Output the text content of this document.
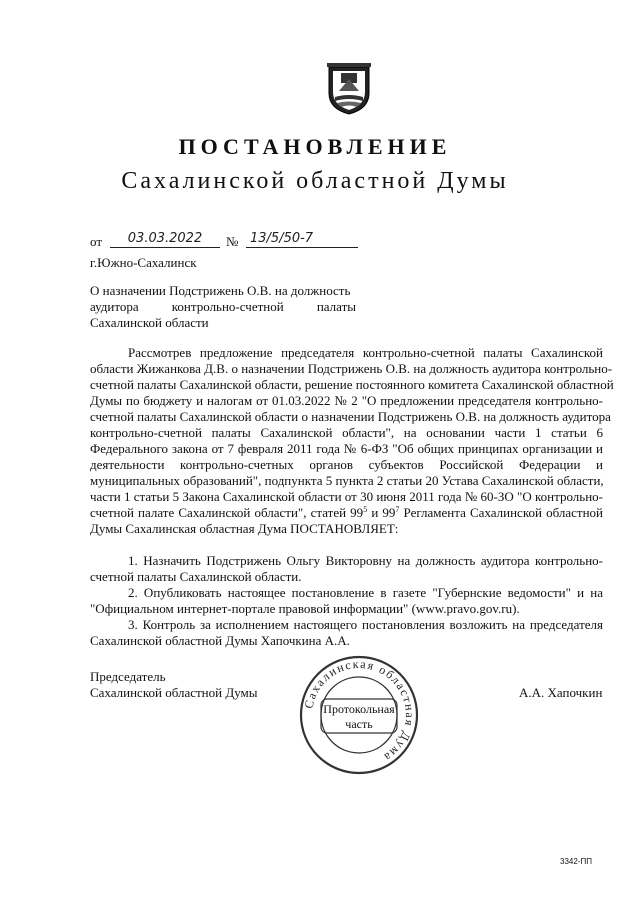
ПОСТАНОВЛЕНИЕ
Сахалинской областной Думы
от	03.03.2022	№ 13/5/50-7
г.Южно-Сахалинск
О назначении Подстрижень О.В. на должность
аудитора	контрольно-счетной	палаты
Сахалинской области
Рассмотрев предложение председателя контрольно-счетной палаты Сахалинской
области Жижанкова Д.В. о назначении Подстрижень О.В. на должность аудитора контрольно-
счетной палаты Сахалинской области, решение постоянного комитета Сахалинской областной
Думы по бюджету и налогам от 01.03.2022 № 2 "О предложении председателя контрольно-
счетной палаты Сахалинской области о назначении Подстрижень О.В. на должность аудитора
контрольно-счетной палаты Сахалинской области", на основании части 1 статьи 6
Федерального закона от 7 февраля 2011 года № 6-ФЗ "Об общих принципах организации и
деятельности контрольно-счетных органов субъектов Российской Федерации и
муниципальных образований", подпункта 5 пункта 2 статьи 20 Устава Сахалинской области,
части 1 статьи 5 Закона Сахалинской области от 30 июня 2011 года № 60-ЗО "О контрольно-
счетной палате Сахалинской области", статей $99^5$ и $99^7$ Регламента Сахалинской областной
Думы Сахалинская областная Дума ПОСТАНОВЛЯЕТ:
1. Назначить Подстрижень Ольгу Викторовну на должность аудитора контрольно-
счетной палаты Сахалинской области.
2. Опубликовать настоящее постановление в газете "Губернские ведомости" и на
"Официальном интернет-портале правовой информации" (www.pravo.gov.ru).
3. Контроль за исполнением настоящего постановления возложить на председателя
Сахалинской областной Думы Хапочкина А.А.
Председатель
Сахалинской областной Думы	А.А. Хапочкин
Сахалинская областная Дума
Протокольная
часть
3342-ПП
